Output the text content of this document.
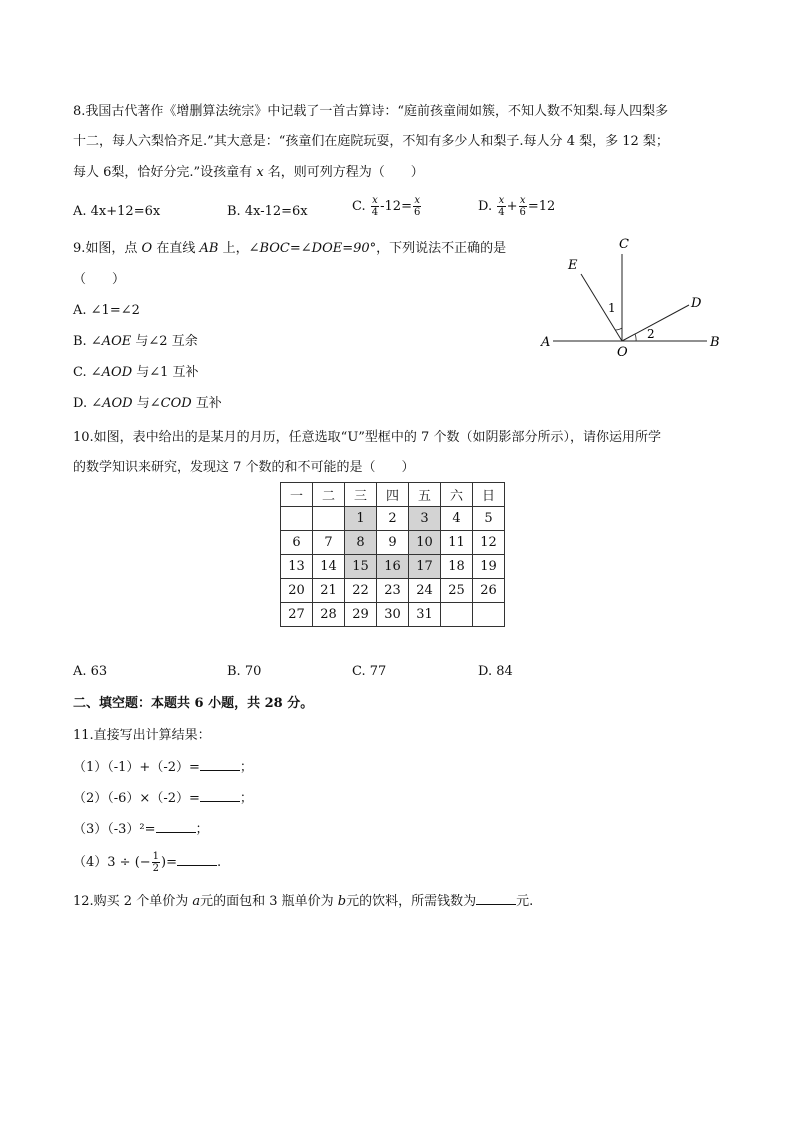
8.我国古代著作《增删算法统宗》中记载了一首古算诗：“庭前孩童闹如簇，不知人数不知梨.每人四梨多
十二，每人六梨恰齐足.”其大意是：“孩童们在庭院玩耍，不知有多少人和梨子.每人分 4 梨，多 12 梨；
每人 6梨，恰好分完.”设孩童有 x 名，则可列方程为（　　）
A. 4x+12=6x	B. 4x-12=6x	C. $\frac{x}{4} -12= \frac{x}{6}$	D. $\frac{x}{4} + \frac{x}{6} =12$
9.如图，点 O 在直线 AB 上，∠BOC=∠DOE=90°，下列说法不正确的是
（　　）
A. ∠1=∠2
B. ∠AOE 与∠2 互余
C. ∠AOD 与∠1 互补
D. ∠AOD 与∠COD 互补
A	B
C
D
E
O
1
2
10.如图，表中给出的是某月的月历，任意选取“U”型框中的 7 个数（如阴影部分所示），请你运用所学
的数学知识来研究，发现这 7 个数的和不可能的是（　　）
一	二	三	四	五	六	日
		1	2	3	4	5
6	7	8	9	10	11	12
13	14	15	16	17	18	19
20	21	22	23	24	25	26
27	28	29	30	31		
A. 63	B. 70	C. 77	D. 84
二、填空题：本题共 6 小题，共 28 分。
11.直接写出计算结果：
（1）（-1）+（-2）=	；
（2）（-6）×（-2）=	；
（3）（-3）²=	；
（4）3 ÷ (− $\frac{1}{2}$ )=	.
12.购买 2 个单价为 a元的面包和 3 瓶单价为 b元的饮料，所需钱数为	元.
